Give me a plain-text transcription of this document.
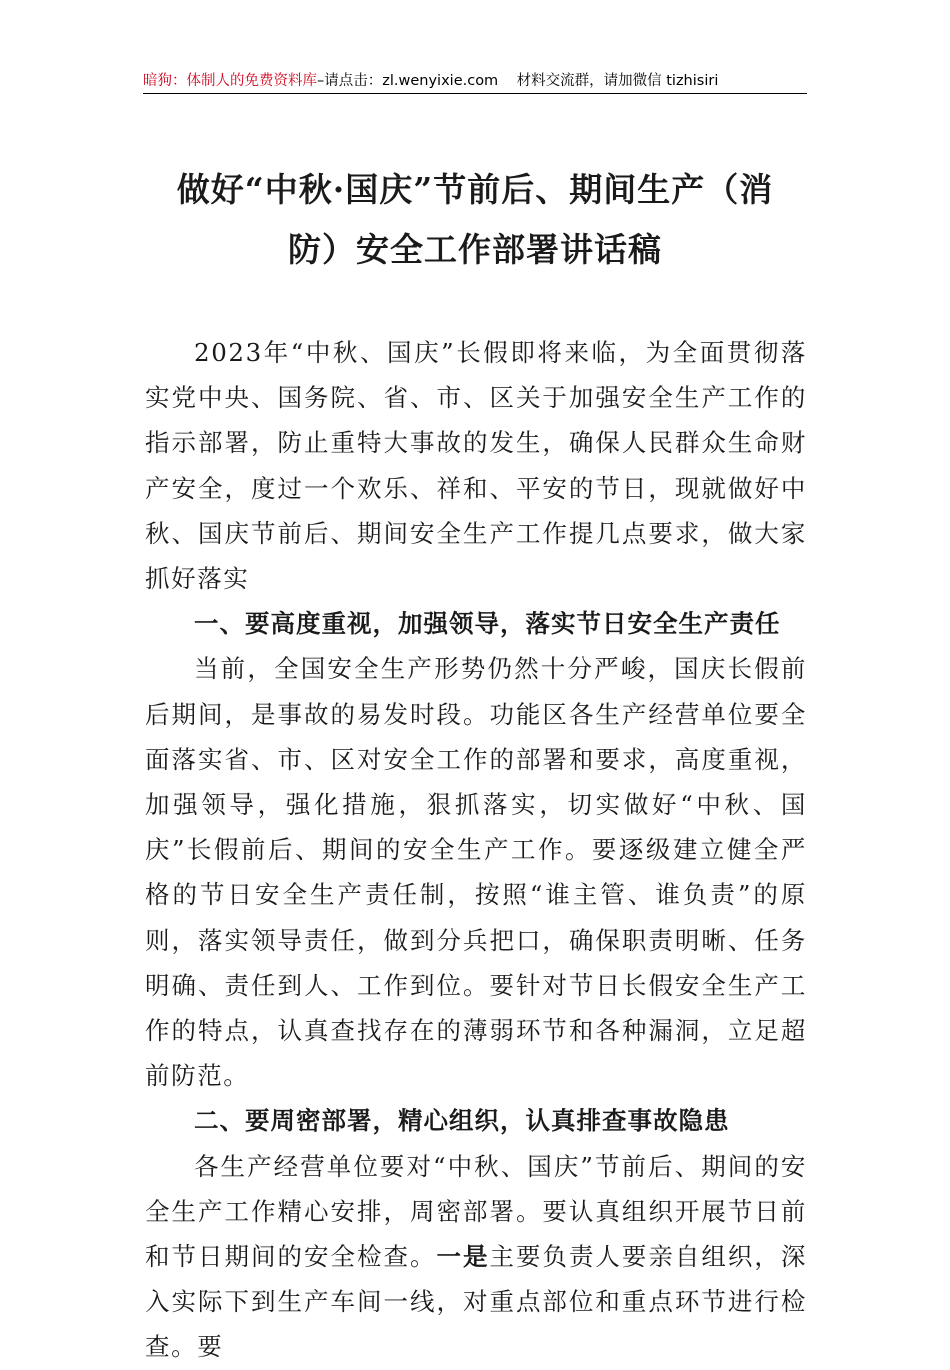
暗狗：体制人的免费资料库–请点击：zl.wenyixie.com 材料交流群，请加微信 tizhisiri
做好“中秋·国庆”节前后、期间生产（消
防）安全工作部署讲话稿

2023年“中秋、国庆”长假即将来临，为全面贯彻落实党中央、国务院、省、市、区关于加强安全生产工作的指示部署，防止重特大事故的发生，确保人民群众生命财产安全，度过一个欢乐、祥和、平安的节日，现就做好中秋、国庆节前后、期间安全生产工作提几点要求，做大家抓好落实

一、要高度重视，加强领导，落实节日安全生产责任

当前，全国安全生产形势仍然十分严峻，国庆长假前后期间，是事故的易发时段。功能区各生产经营单位要全面落实省、市、区对安全工作的部署和要求，高度重视，加强领导，强化措施，狠抓落实，切实做好“中秋、国庆”长假前后、期间的安全生产工作。要逐级建立健全严格的节日安全生产责任制，按照“谁主管、谁负责”的原则，落实领导责任，做到分兵把口，确保职责明晰、任务明确、责任到人、工作到位。要针对节日长假安全生产工作的特点，认真查找存在的薄弱环节和各种漏洞，立足超前防范。

二、要周密部署，精心组织，认真排查事故隐患

各生产经营单位要对“中秋、国庆”节前后、期间的安全生产工作精心安排，周密部署。要认真组织开展节日前和节日期间的安全检查。一是主要负责人要亲自组织，深入实际下到生产车间一线，对重点部位和重点环节进行检查。要
